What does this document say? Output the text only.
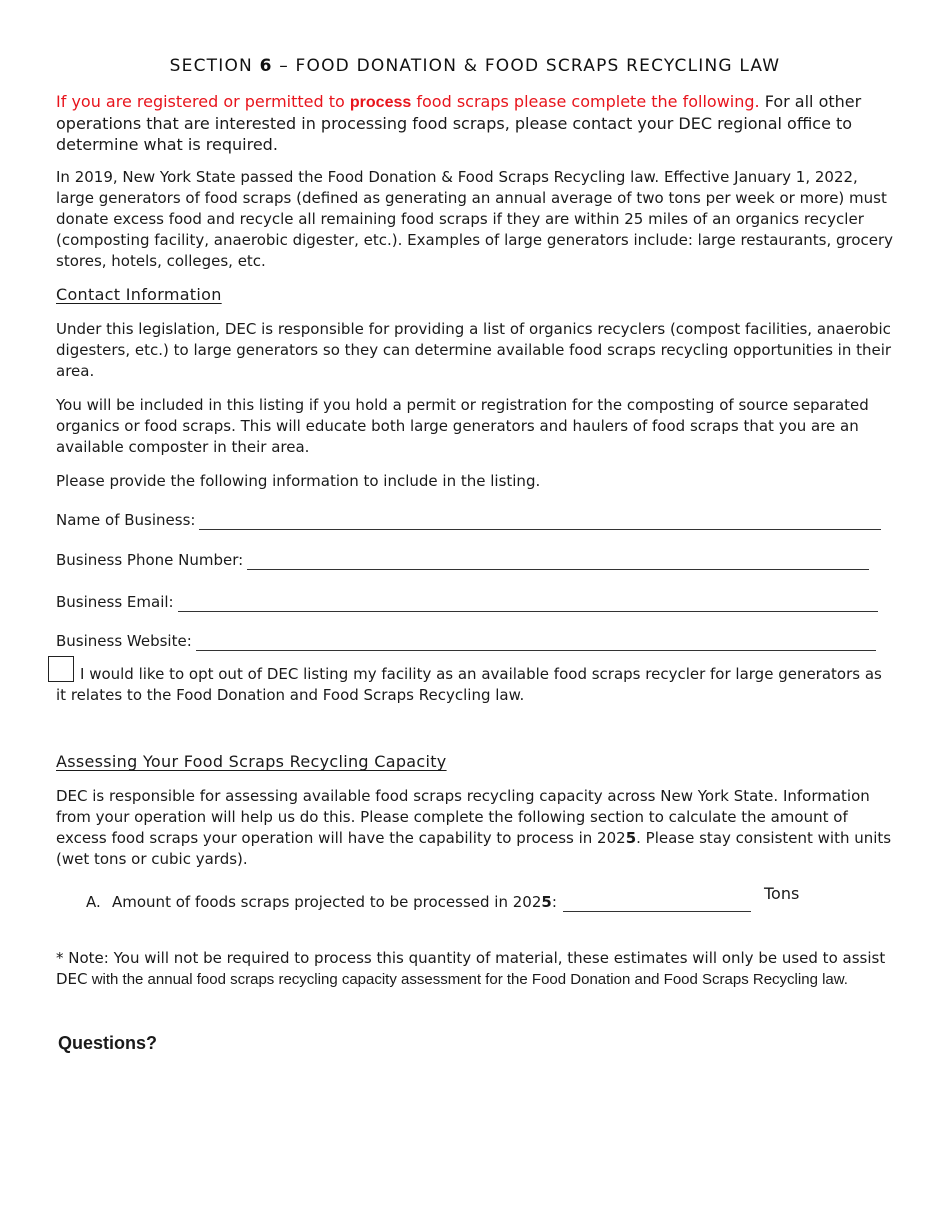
SECTION 6 – FOOD DONATION & FOOD SCRAPS RECYCLING LAW

If you are registered or permitted to process food scraps please complete the following. For all other operations that are interested in processing food scraps, please contact your DEC regional office to determine what is required.

In 2019, New York State passed the Food Donation & Food Scraps Recycling law. Effective January 1, 2022, large generators of food scraps (defined as generating an annual average of two tons per week or more) must donate excess food and recycle all remaining food scraps if they are within 25 miles of an organics recycler (composting facility, anaerobic digester, etc.). Examples of large generators include: large restaurants, grocery stores, hotels, colleges, etc.

Contact Information

Under this legislation, DEC is responsible for providing a list of organics recyclers (compost facilities, anaerobic digesters, etc.) to large generators so they can determine available food scraps recycling opportunities in their area.

You will be included in this listing if you hold a permit or registration for the composting of source separated organics or food scraps. This will educate both large generators and haulers of food scraps that you are an available composter in their area.

Please provide the following information to include in the listing.

Name of Business:
Business Phone Number:
Business Email:
Business Website:
I would like to opt out of DEC listing my facility as an available food scraps recycler for large generators as it relates to the Food Donation and Food Scraps Recycling law.
Assessing Your Food Scraps Recycling Capacity

DEC is responsible for assessing available food scraps recycling capacity across New York State. Information from your operation will help us do this. Please complete the following section to calculate the amount of excess food scraps your operation will have the capability to process in 2025. Please stay consistent with units (wet tons or cubic yards).

A. Amount of foods scraps projected to be processed in 2025:	Tons
* Note: You will not be required to process this quantity of material, these estimates will only be used to assist DEC with the annual food scraps recycling capacity assessment for the Food Donation and Food Scraps Recycling law.
Questions?
